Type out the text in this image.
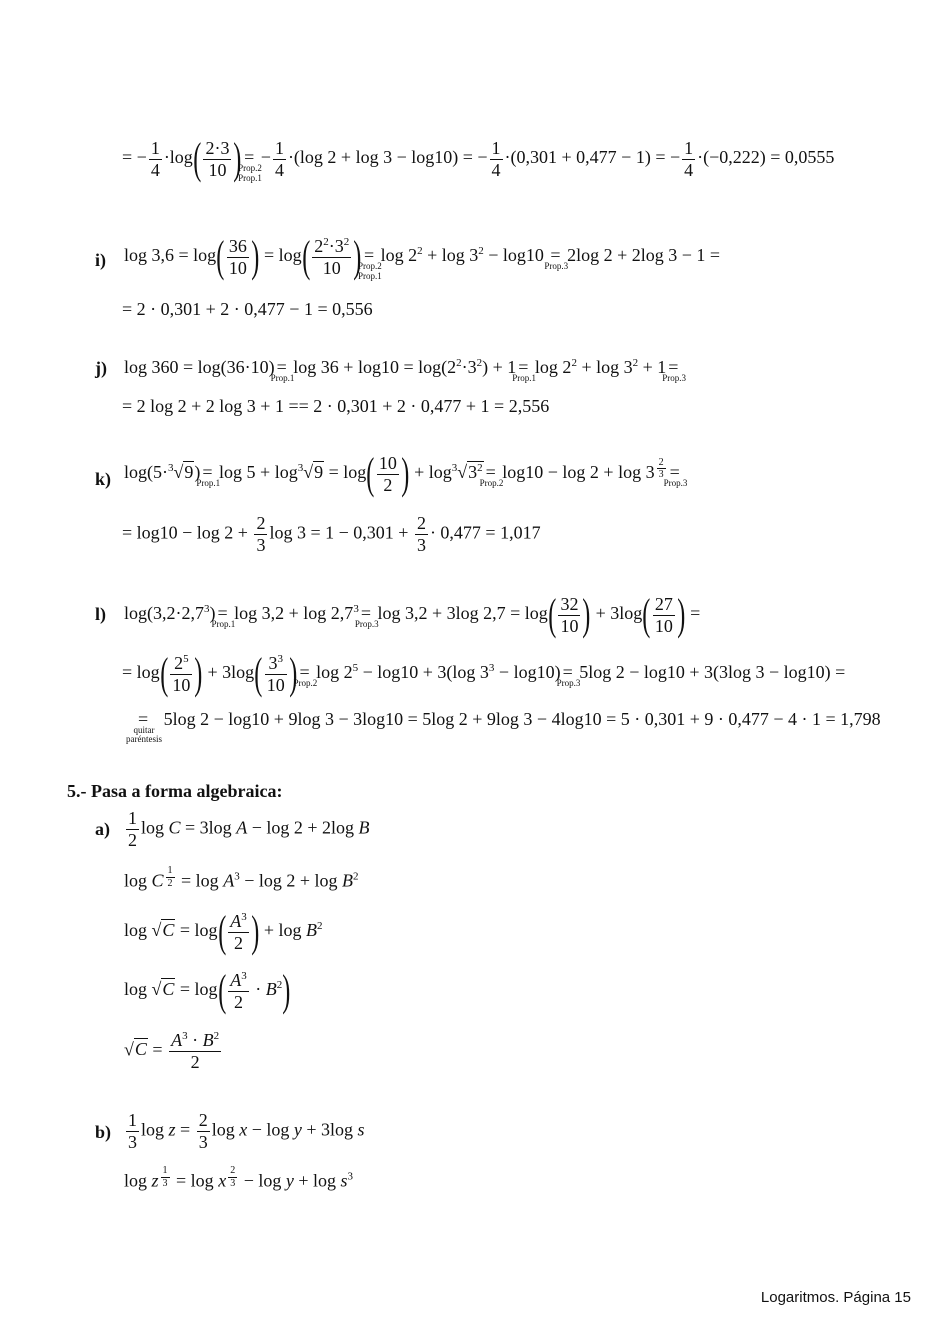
= − $\frac{1}{4} \cdot\log( \frac{2\cdot 3}{10}$ ) =
Prop.2
Prop.1
− $\frac{1}{4} \cdot(\log$ 2 + log 3 − log10) = − $\frac{1}{4} \cdot(0,301 + 0,477 - 1)$ = − $\frac{1}{4} \cdot(-0,222) = 0,0555$
i) $\log 3,6 = \log( \frac{36}{10}$ ) = $\log( \frac{2^2\cdot 3^2}{10}$ ) =
Prop.2
Prop.1
$\log 2^2 + \log 3^2 - \log 10$ =
Prop.3
2log 2 + 2log 3 − 1 =
= 2 · 0,301 + 2 · 0,477 − 1 = 0,556
j) log 360 = log(36·10) =
Prop.1
$\log 36 + \log 10 = \log(2^2\cdot 3^2) + 1$ =
Prop.1
$\log 2^2 + \log 3^2 + 1$ =
Prop.3
= 2 log 2 + 2 log 3 + 1 == 2 · 0,301 + 2 · 0,477 + 1 = 2,556
k) log(5·$^3$√9) =
Prop.1
$\log 5 + \log^3√9 = \log( \frac{10}{2}$ ) + $\log^3√3^2$ =
Prop.2
log10 − log 2 + log 3 $^{\frac{2}{3}}$ =
Prop.3
= $\log 10 - \log 2 + \frac{2}{3}$ $\log 3 = 1 - 0,301 + \frac{2}{3} \cdot 0,477 = 1,017$
l) $\log(3,2\cdot 2,7^3)$ =
Prop.1
$\log 3,2 + \log 2,7^3$ =
Prop.3
log 3,2 + 3log $2,7 = \log( \frac{32}{10}$ ) + $3\log( \frac{27}{10}$ ) =
= $\log( \frac{2^5}{10}$ ) + $3\log( \frac{3^3}{10}$ ) =
Prop.2
$\log 2^5 - \log 10 + 3(\log$ $3^3 - \log 10$) =
Prop.3
5log 2 − log10 + 3(3log 3 − log10) =
=
quitar
paréntesis
5log 2 − log10 + 9log 3 − 3log10 = 5log 2 + 9log 3 − 4log10 = 5 · 0,301 + 9 · 0,477 − 4 · 1 = 1,798
5.- Pasa a forma algebraica:
$a) \frac{1}{2}$ log C = 3log A − log 2 + 2log B
log C $^{\frac{1}{2}} = \log A^3 - \log 2 + \log B^2$
$\log √C = \log( \frac{A^3}{2}$ ) + $\log B^2$
$\log √C = \log( \frac{A^3}{2} \cdot B^2)$
$√C = \frac{A^3 \cdot B^2}{2}$
$b) \frac{1}{3}$ $\log z = \frac{2}{3}$ log x − log y + 3log s
log z $^{\frac{1}{3}}$ = log x $^{\frac{2}{3}} - \log y + \log s^3$
Logaritmos. Página 15
